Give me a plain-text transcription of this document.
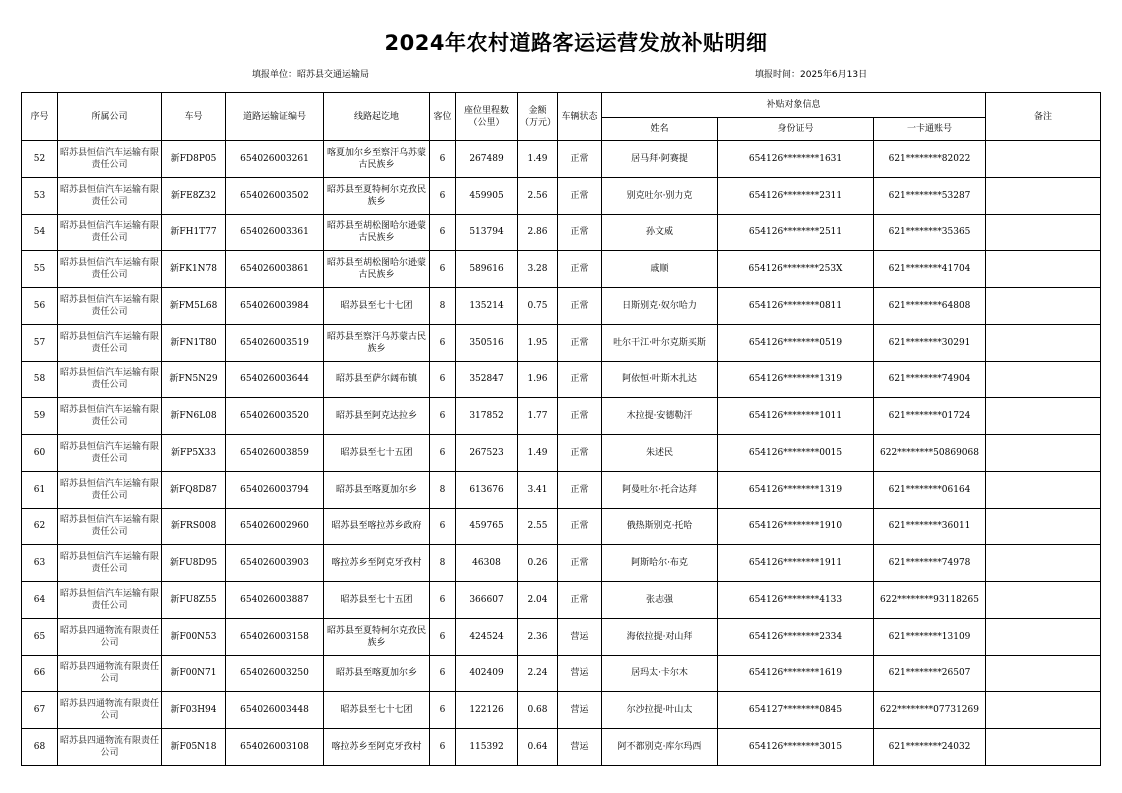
2024年农村道路客运运营发放补贴明细
填报单位：昭苏县交通运输局	填报时间：2025年6月13日
序号	所属公司	车号	道路运输证编号	线路起讫地	客位	座位里程数（公里）	金额（万元）	车辆状态	补贴对象信息			备注
									姓名	身份证号	一卡通账号	
52	昭苏县恒信汽车运输有限责任公司	新FD8P05	654026003261	喀夏加尔乡至察汗乌苏蒙古民族乡	6	267489	1.49	正常	居马拜·阿赛提	654126********1631	621********82022	
53	昭苏县恒信汽车运输有限责任公司	新FE8Z32	654026003502	昭苏县至夏特柯尔克孜民族乡	6	459905	2.56	正常	别克吐尔·别力克	654126********2311	621********53287	
54	昭苏县恒信汽车运输有限责任公司	新FH1T77	654026003361	昭苏县至胡松图哈尔逊蒙古民族乡	6	513794	2.86	正常	孙文威	654126********2511	621********35365	
55	昭苏县恒信汽车运输有限责任公司	新FK1N78	654026003861	昭苏县至胡松图哈尔逊蒙古民族乡	6	589616	3.28	正常	戚顺	654126********253X	621********41704	
56	昭苏县恒信汽车运输有限责任公司	新FM5L68	654026003984	昭苏县至七十七团	8	135214	0.75	正常	日斯别克·奴尔哈力	654126********0811	621********64808	
57	昭苏县恒信汽车运输有限责任公司	新FN1T80	654026003519	昭苏县至察汗乌苏蒙古民族乡	6	350516	1.95	正常	吐尔干江·叶尔克斯买斯	654126********0519	621********30291	
58	昭苏县恒信汽车运输有限责任公司	新FN5N29	654026003644	昭苏县至萨尔阔布镇	6	352847	1.96	正常	阿依恒·叶斯木扎达	654126********1319	621********74904	
59	昭苏县恒信汽车运输有限责任公司	新FN6L08	654026003520	昭苏县至阿克达拉乡	6	317852	1.77	正常	木拉提·安德勒汗	654126********1011	621********01724	
60	昭苏县恒信汽车运输有限责任公司	新FP5X33	654026003859	昭苏县至七十五团	6	267523	1.49	正常	朱述民	654126********0015	622********50869068	
61	昭苏县恒信汽车运输有限责任公司	新FQ8D87	654026003794	昭苏县至喀夏加尔乡	8	613676	3.41	正常	阿曼吐尔·托合达拜	654126********1319	621********06164	
62	昭苏县恒信汽车运输有限责任公司	新FRS008	654026002960	昭苏县至喀拉苏乡政府	6	459765	2.55	正常	俄热斯别克·托哈	654126********1910	621********36011	
63	昭苏县恒信汽车运输有限责任公司	新FU8D95	654026003903	喀拉苏乡至阿克牙孜村	8	46308	0.26	正常	阿斯哈尔·布克	654126********1911	621********74978	
64	昭苏县恒信汽车运输有限责任公司	新FU8Z55	654026003887	昭苏县至七十五团	6	366607	2.04	正常	张志强	654126********4133	622********93118265	
65	昭苏县四通物流有限责任公司	新F00N53	654026003158	昭苏县至夏特柯尔克孜民族乡	6	424524	2.36	营运	海依拉提·对山拜	654126********2334	621********13109	
66	昭苏县四通物流有限责任公司	新F00N71	654026003250	昭苏县至喀夏加尔乡	6	402409	2.24	营运	居玛太·卡尔木	654126********1619	621********26507	
67	昭苏县四通物流有限责任公司	新F03H94	654026003448	昭苏县至七十七团	6	122126	0.68	营运	尔沙拉提·叶山太	654127********0845	622********07731269	
68	昭苏县四通物流有限责任公司	新F05N18	654026003108	喀拉苏乡至阿克牙孜村	6	115392	0.64	营运	阿不都别克·库尔玛西	654126********3015	621********24032	
